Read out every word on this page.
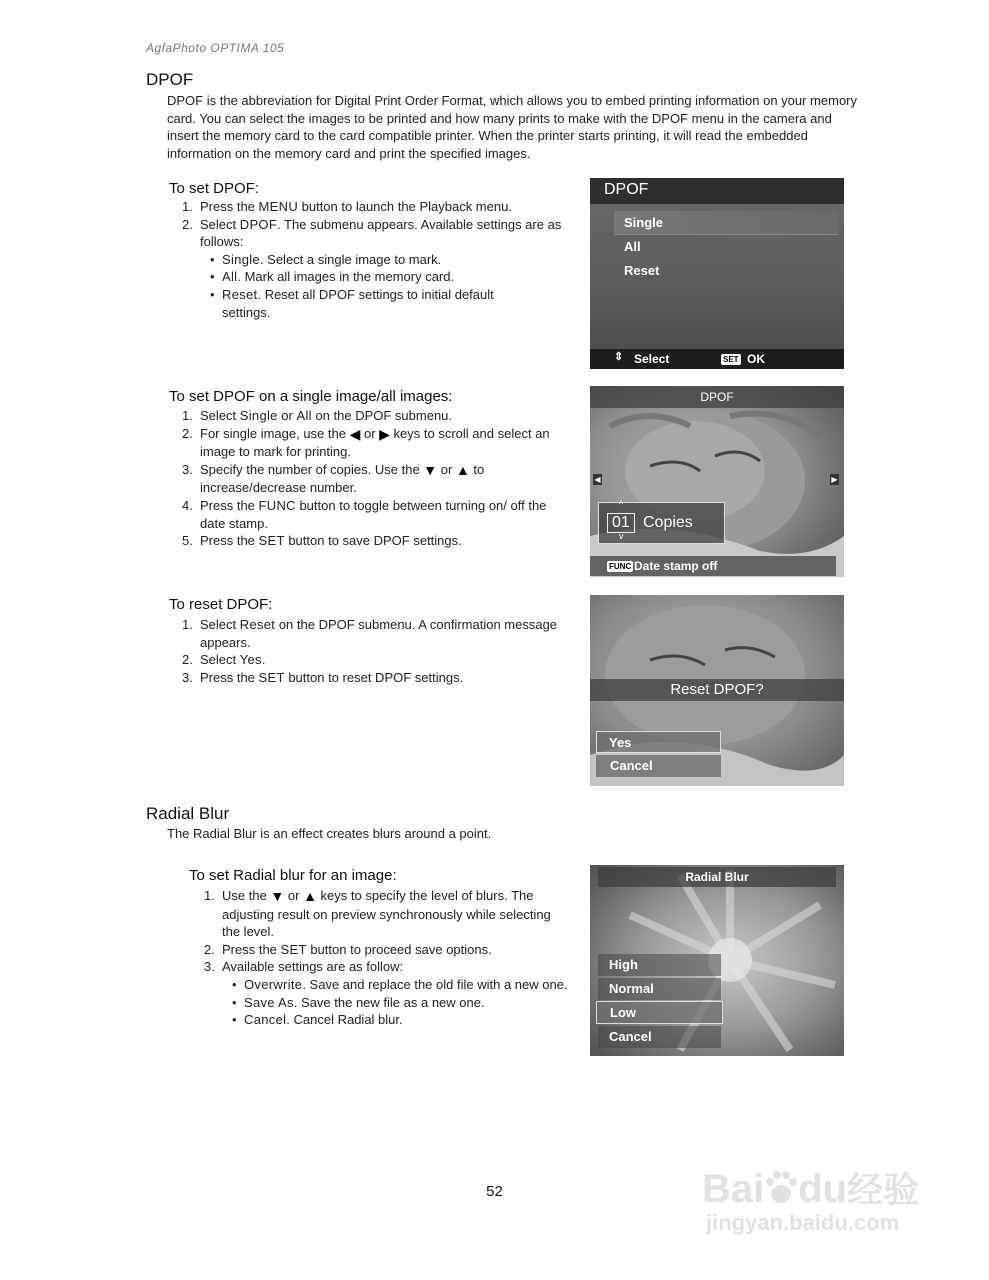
AgfaPhoto OPTIMA 105
DPOF
DPOF is the abbreviation for Digital Print Order Format, which allows you to embed printing information on your memory card. You can select the images to be printed and how many prints to make with the DPOF menu in the camera and insert the memory card to the card compatible printer. When the printer starts printing, it will read the embedded information on the memory card and print the specified images.
To set DPOF:
1. Press the MENU button to launch the Playback menu.
2. Select DPOF. The submenu appears. Available settings are as follows:
• Single. Select a single image to mark.
• All. Mark all images in the memory card.
• Reset. Reset all DPOF settings to initial default settings.
DPOF
Single
All
Reset
⇕ Select	SET OK
To set DPOF on a single image/all images:
1. Select Single or All on the DPOF submenu.
2. For single image, use the ◀ or ▶ keys to scroll and select an image to mark for printing.
3. Specify the number of copies. Use the ▼ or ▲ to increase/decrease number.
4. Press the FUNC button to toggle between turning on/ off the date stamp.
5. Press the SET button to save DPOF settings.
DPOF
◀	▶
^
01 Copies
v
FUNC Date stamp off
To reset DPOF:
1. Select Reset on the DPOF submenu. A confirmation message appears.
2. Select Yes.
3. Press the SET button to reset DPOF settings.
Reset DPOF?
Yes
Cancel
Radial Blur
The Radial Blur is an effect creates blurs around a point.
To set Radial blur for an image:
1. Use the ▼ or ▲ keys to specify the level of blurs. The adjusting result on preview synchronously while selecting the level.
2. Press the SET button to proceed save options.
3. Available settings are as follow:
• Overwrite. Save and replace the old file with a new one.
• Save As. Save the new file as a new one.
• Cancel. Cancel Radial blur.
Radial Blur
High
Normal
Low
Cancel
52	Bai du经验
jingyan.baidu.com
